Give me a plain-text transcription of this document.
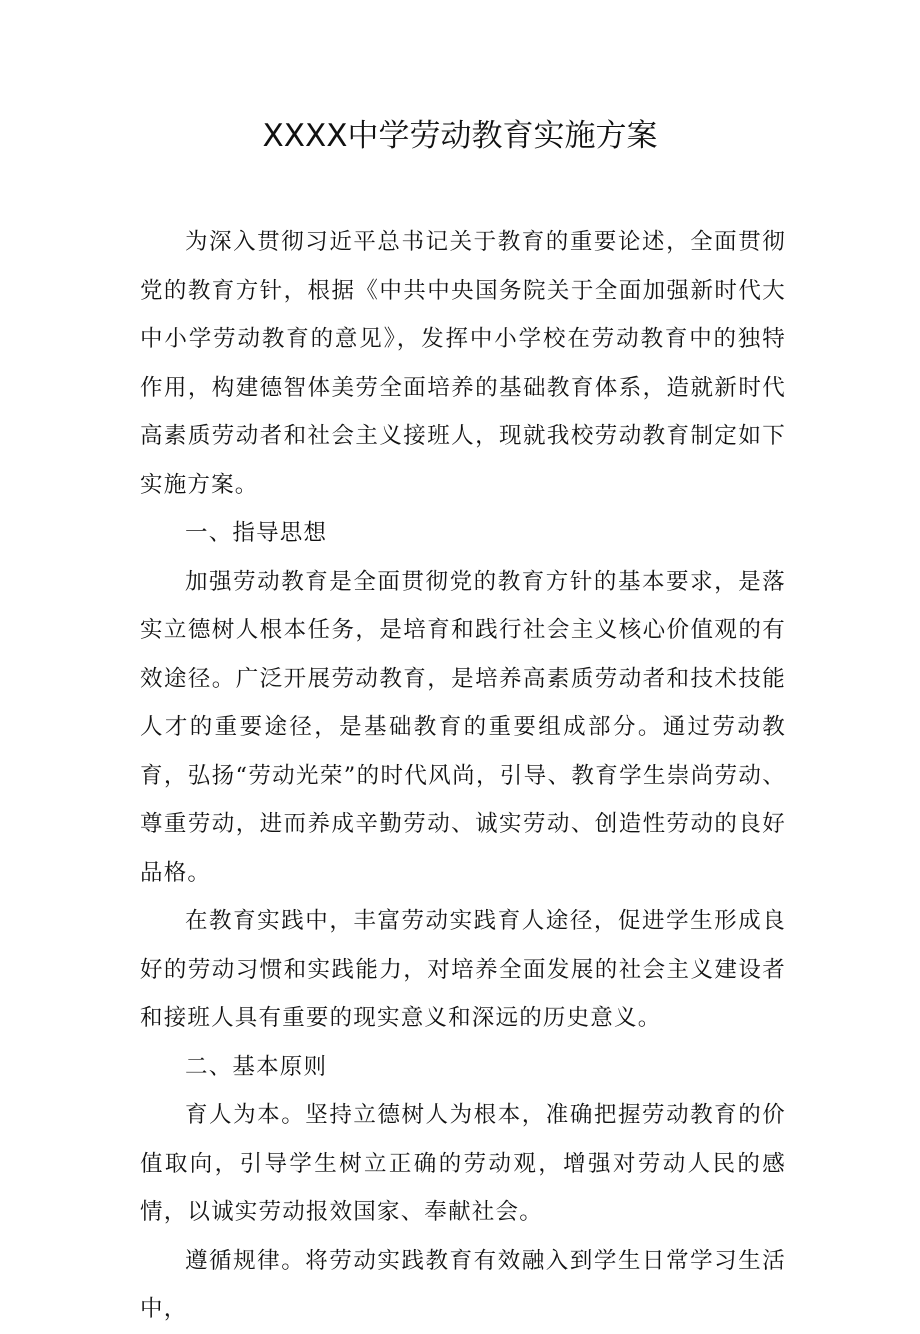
XXXX中学劳动教育实施方案

为深入贯彻习近平总书记关于教育的重要论述，全面贯彻党的教育方针，根据《中共中央国务院关于全面加强新时代大中小学劳动教育的意见》，发挥中小学校在劳动教育中的独特作用，构建德智体美劳全面培养的基础教育体系，造就新时代高素质劳动者和社会主义接班人，现就我校劳动教育制定如下实施方案。

一、指导思想

加强劳动教育是全面贯彻党的教育方针的基本要求，是落实立德树人根本任务，是培育和践行社会主义核心价值观的有效途径。广泛开展劳动教育，是培养高素质劳动者和技术技能人才的重要途径，是基础教育的重要组成部分。通过劳动教育，弘扬“劳动光荣”的时代风尚，引导、教育学生崇尚劳动、尊重劳动，进而养成辛勤劳动、诚实劳动、创造性劳动的良好品格。

在教育实践中，丰富劳动实践育人途径，促进学生形成良好的劳动习惯和实践能力，对培养全面发展的社会主义建设者和接班人具有重要的现实意义和深远的历史意义。

二、基本原则

育人为本。坚持立德树人为根本，准确把握劳动教育的价值取向，引导学生树立正确的劳动观，增强对劳动人民的感情，以诚实劳动报效国家、奉献社会。

遵循规律。将劳动实践教育有效融入到学生日常学习生活中，
